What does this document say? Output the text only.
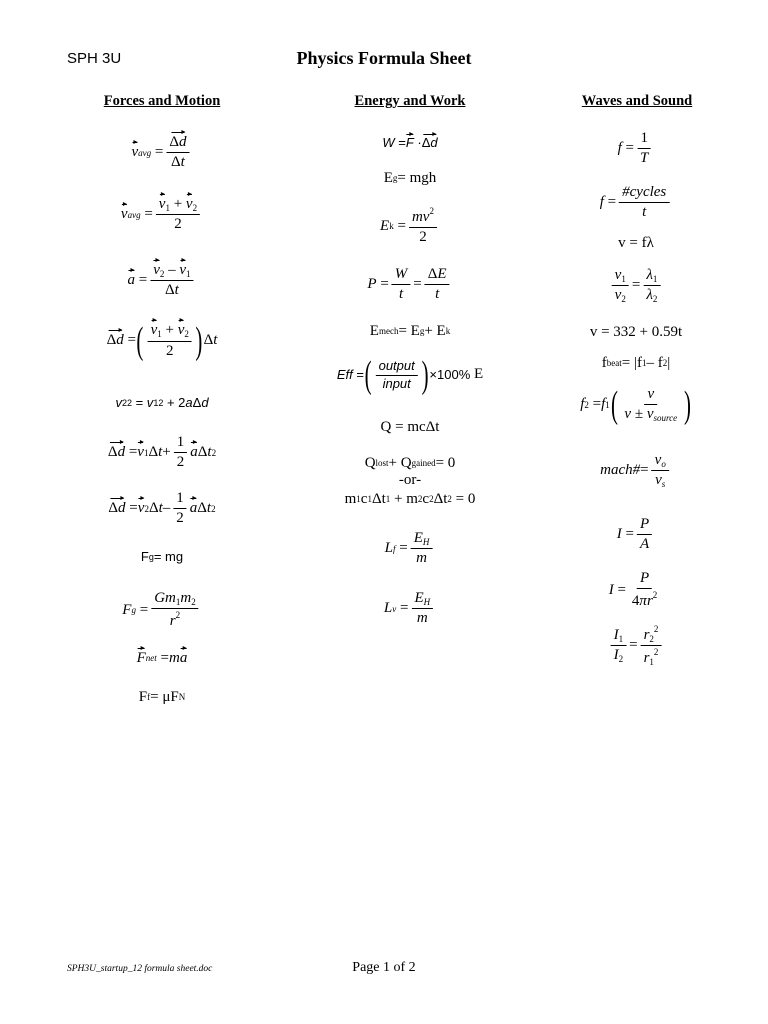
SPH 3U	Physics Formula Sheet
Forces and Motion	Energy and Work	Waves and Sound
v avg =
Δd
Δt
v avg =
$v_1 + v_2$
2
a =
$v_2 - v_1$
Δt
Δd = ( $v_1 + v_2$
2 ) Δ t
v 2 2 = v 1 2 + 2 a Δ d
Δd = v 1 Δ t +
1
2
a Δ t 2
Δd = v 2 Δ t –
1
2
a Δ t 2
F g = mg
F g =
$Gm_1m_2$
$r^2$
F net = m a
F f = μF N
W = F · Δd
E g = mgh
E k =
$mv^2$
2
P =
W
t
=
ΔE
t
E mech = E g + E k
Eff = ( output
input ) ×100%
E
Q = mcΔt
Q lost + Q gained = 0
-or-
m 1 c 1 Δt 1 + m 2 c 2 Δt 2 = 0
L f =
$E_H$
m
L v =
$E_H$
m
f =
1
T
f =
#cycles
t
v = fλ
$v_1$
$v_2$
=
$\lambda_1$
$\lambda_2$
v = 332 + 0.59t
f beat = |f 1 – f 2 |
f 2 = f 1 ( v
$v \pm v_{source}$ )
mach# =
$v_o$
$v_s$
I =
P
A
I =
P
$4\pi r^2$
$I_1$
$I_2$
=
$r_2^2$
$r_1^2$
SPH3U_startup_12 formula sheet.doc	Page 1 of 2
